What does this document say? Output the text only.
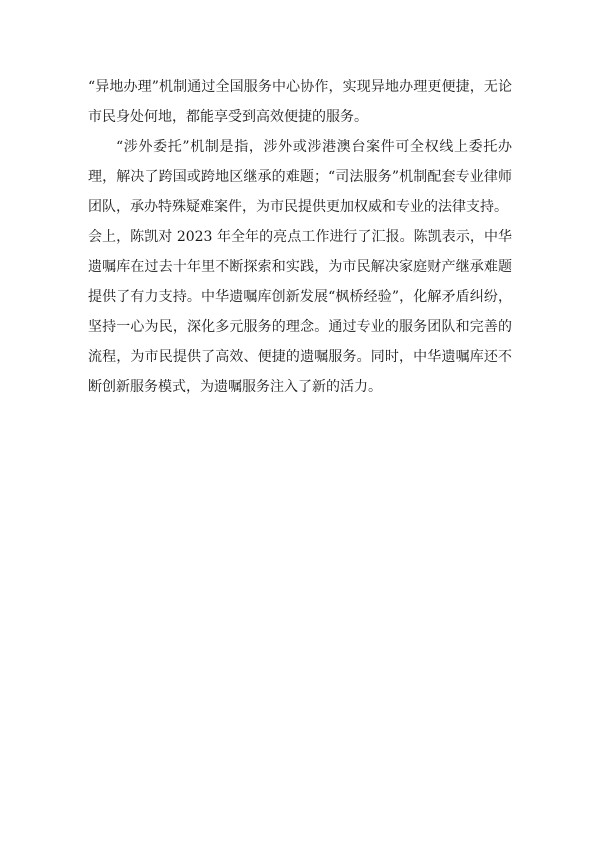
“异地办理”机制通过全国服务中心协作，实现异地办理更便捷，无论市民身处何地，都能享受到高效便捷的服务。

“涉外委托”机制是指，涉外或涉港澳台案件可全权线上委托办理，解决了跨国或跨地区继承的难题；“司法服务”机制配套专业律师团队，承办特殊疑难案件，为市民提供更加权威和专业的法律支持。

会上，陈凯对 2023 年全年的亮点工作进行了汇报。陈凯表示，中华遗嘱库在过去十年里不断探索和实践，为市民解决家庭财产继承难题提供了有力支持。中华遗嘱库创新发展“枫桥经验”，化解矛盾纠纷，坚持一心为民，深化多元服务的理念。通过专业的服务团队和完善的流程，为市民提供了高效、便捷的遗嘱服务。同时，中华遗嘱库还不断创新服务模式，为遗嘱服务注入了新的活力。
